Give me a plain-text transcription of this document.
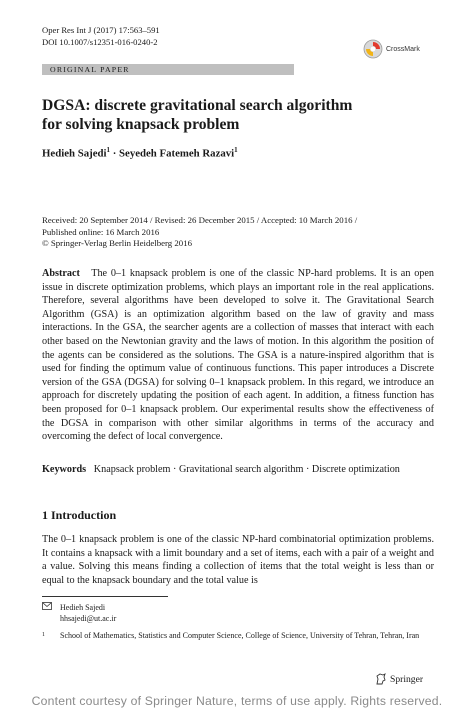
Oper Res Int J (2017) 17:563–591
DOI 10.1007/s12351-016-0240-2
CrossMark
ORIGINAL PAPER
DGSA: discrete gravitational search algorithm
for solving knapsack problem
Hedieh Sajedi$^1$ · Seyedeh Fatemeh Razavi$^1$
Received: 20 September 2014 / Revised: 26 December 2015 / Accepted: 10 March 2016 /
Published online: 16 March 2016
© Springer-Verlag Berlin Heidelberg 2016
Abstract The 0–1 knapsack problem is one of the classic NP-hard problems. It is an open issue in discrete optimization problems, which plays an important role in the real applications. Therefore, several algorithms have been developed to solve it. The Gravitational Search Algorithm (GSA) is an optimization algorithm based on the law of gravity and mass interactions. In the GSA, the searcher agents are a collection of masses that interact with each other based on the Newtonian gravity and the laws of motion. In this algorithm the position of the agents can be considered as the solutions. The GSA is a nature-inspired algorithm that is used for finding the optimum value of continuous functions. This paper introduces a Discrete version of the GSA (DGSA) for solving 0–1 knapsack problem. In this regard, we introduce an approach for discretely updating the position of each agent. In addition, a fitness function has been proposed for 0–1 knapsack problem. Our experimental results show the effectiveness of the DGSA in comparison with other similar algorithms in terms of the accuracy and overcoming the defect of local convergence.
Keywords Knapsack problem · Gravitational search algorithm · Discrete optimization
1 Introduction
The 0–1 knapsack problem is one of the classic NP-hard combinatorial optimization problems. It contains a knapsack with a limit boundary and a set of items, each with a pair of a weight and a value. Solving this means finding a collection of items that the total weight is less than or equal to the knapsack boundary and the total value is
Hedieh Sajedi
hhsajedi@ut.ac.ir
1 School of Mathematics, Statistics and Computer Science, College of Science, University of Tehran, Tehran, Iran
Springer
Content courtesy of Springer Nature, terms of use apply. Rights reserved.
